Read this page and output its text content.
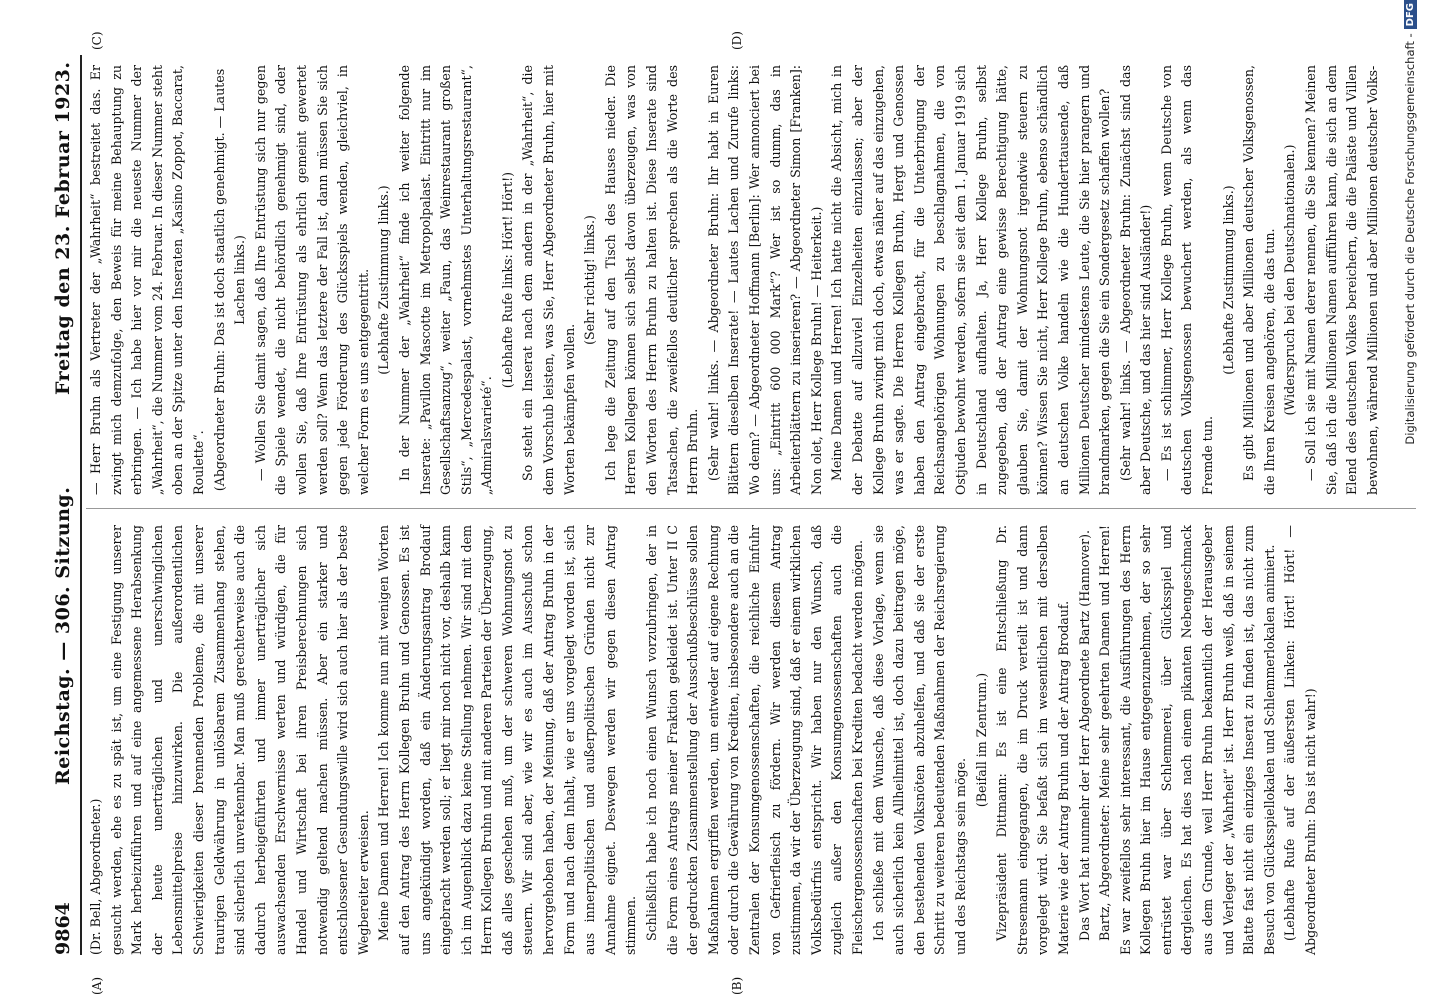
9864
Reichstag. — 306. Sitzung.
Freitag den 23. Februar 1923.

(Dr. Bell, Abgeordneter.) gesucht werden, ehe es zu spät ist, um eine Festigung unserer Mark herbeizuführen und auf eine angemessene Herabsenkung der heute unerträglichen und unerschwinglichen Lebensmittelpreise hinzuwirken. Die außerordentlichen Schwierigkeiten dieser brennenden Probleme, die mit unserer traurigen Geldwährung in unlösbarem Zusammenhang stehen, sind sicherlich unverkennbar. Man muß gerechterweise auch die dadurch herbeigeführten und immer unerträglicher sich auswachsenden Erschwernisse werten und würdigen, die für Handel und Wirtschaft bei ihren Preisberechnungen sich notwendig geltend machen müssen. Aber ein starker und entschlossener Gesundungswille wird sich auch hier als der beste Wegbereiter erweisen. Meine Damen und Herren! Ich komme nun mit wenigen Worten auf den Antrag des Herrn Kollegen Bruhn und Genossen. Es ist uns angekündigt worden, daß ein Änderungsantrag Brodauf eingebracht werden soll; er liegt mir noch nicht vor, deshalb kann ich im Augenblick dazu keine Stellung nehmen. Wir sind mit dem Herrn Kollegen Bruhn und mit anderen Parteien der Überzeugung, daß alles geschehen muß, um der schweren Wohnungsnot zu steuern. Wir sind aber, wie wir es auch im Ausschuß schon hervorgehoben haben, der Meinung, daß der Antrag Bruhn in der Form und nach dem Inhalt, wie er uns vorgelegt worden ist, sich aus innerpolitischen und außerpolitischen Gründen nicht zur Annahme eignet. Deswegen werden wir gegen diesen Antrag stimmen. Schließlich habe ich noch einen Wunsch vorzubringen, der in die Form eines Antrags meiner Fraktion gekleidet ist. Unter II C der gedruckten Zusammenstellung der Ausschußbeschlüsse sollen Maßnahmen ergriffen werden, um entweder auf eigene Rechnung oder durch die Gewährung von Krediten, insbesondere auch an die Zentralen der Konsumgenossenschaften, die reichliche Einfuhr von Gefrierfleisch zu fördern. Wir werden diesem Antrag zustimmen, da wir der Überzeugung sind, daß er einem wirklichen Volksbedürfnis entspricht. Wir haben nur den Wunsch, daß zugleich außer den Konsumgenossenschaften auch die Fleischergenossenschaften bei Krediten bedacht werden mögen. Ich schließe mit dem Wunsche, daß diese Vorlage, wenn sie auch sicherlich kein Allheilmittel ist, doch dazu beitragen möge, den bestehenden Volksnöten abzuhelfen, und daß sie der erste Schritt zu weiteren bedeutenden Maßnahmen der Reichsregierung und des Reichstags sein möge.

(Beifall im Zentrum.) Vizepräsident Dittmann: Es ist eine Entschließung Dr. Stresemann eingegangen, die im Druck verteilt ist und dann vorgelegt wird. Sie befaßt sich im wesentlichen mit derselben Materie wie der Antrag Bruhn und der Antrag Brodauf. Das Wort hat nunmehr der Herr Abgeordnete Bartz (Hannover). Bartz, Abgeordneter: Meine sehr geehrten Damen und Herren! Es war zweifellos sehr interessant, die Ausführungen des Herrn Kollegen Bruhn hier im Hause entgegenzunehmen, der so sehr entrüstet war über Schlemmerei, über Glücksspiel und dergleichen. Es hat dies nach einem pikanten Nebengeschmack aus dem Grunde, weil Herr Bruhn bekanntlich der Herausgeber und Verleger der „Wahrheit“ ist. Herr Bruhn weiß, daß in seinem Blatte fast nicht ein einziges Inserat zu finden ist, das nicht zum Besuch von Glücksspiellokalen und Schlemmerlokalen animiert. (Lebhafte Rufe auf der äußersten Linken: Hört! Hört! — Abgeordneter Bruhn: Das ist nicht wahr!)

— Herr Bruhn als Vertreter der „Wahrheit“ bestreitet das. Er zwingt mich demzufolge, den Beweis für meine Behauptung zu erbringen. — Ich habe hier vor mir die neueste Nummer der „Wahrheit“, die Nummer vom 24. Februar. In dieser Nummer steht oben an der Spitze unter den Inseraten „Kasino Zoppot, Baccarat, Roulette“. (Abgeordneter Bruhn: Das ist doch staatlich genehmigt. — Lautes Lachen links.) — Wollen Sie damit sagen, daß Ihre Entrüstung sich nur gegen die Spiele wendet, die nicht behördlich genehmigt sind, oder wollen Sie, daß Ihre Entrüstung als ehrlich gemeint gewertet werden soll? Wenn das letztere der Fall ist, dann müssen Sie sich gegen jede Förderung des Glücksspiels wenden, gleichviel, in welcher Form es uns entgegentritt. (Lebhafte Zustimmung links.) In der Nummer der „Wahrheit“ finde ich weiter folgende Inserate: „Pavillon Mascotte im Metropolpalast. Eintritt nur im Gesellschaftsanzug“, weiter „Faun, das Weinrestaurant großen Stils“, „Mercedespalast, vornehmstes Unterhaltungsrestaurant“, „Admiralsvarieté“.

(Lebhafte Rufe links: Hört! Hört!) So steht ein Inserat nach dem andern in der „Wahrheit“, die dem Vorschub leisten, was Sie, Herr Abgeordneter Bruhn, hier mit Worten bekämpfen wollen.

(Sehr richtig! links.) Ich lege die Zeitung auf den Tisch des Hauses nieder. Die Herren Kollegen können sich selbst davon überzeugen, was von den Worten des Herrn Bruhn zu halten ist. Diese Inserate sind Tatsachen, die zweifellos deutlicher sprechen als die Worte des Herrn Bruhn. (Sehr wahr! links. — Abgeordneter Bruhn: Ihr habt in Euren Blättern dieselben Inserate! — Lautes Lachen und Zurufe links: Wo denn? — Abgeordneter Hoffmann [Berlin]: Wer annonciert bei uns: „Eintritt 600 000 Mark“? Wer ist so dumm, das in Arbeiterblättern zu inserieren? — Abgeordneter Simon [Franken]: Non olet, Herr Kollege Bruhn! — Heiterkeit.) Meine Damen und Herren! Ich hatte nicht die Absicht, mich in der Debatte auf allzuviel Einzelheiten einzulassen; aber der Kollege Bruhn zwingt mich doch, etwas näher auf das einzugehen, was er sagte. Die Herren Kollegen Bruhn, Hergt und Genossen haben den Antrag eingebracht, für die Unterbringung der Reichsangehörigen Wohnungen zu beschlagnahmen, die von Ostjuden bewohnt werden, sofern sie seit dem 1. Januar 1919 sich in Deutschland aufhalten. Ja, Herr Kollege Bruhn, selbst zugegeben, daß der Antrag eine gewisse Berechtigung hätte, glauben Sie, damit der Wohnungsnot irgendwie steuern zu können? Wissen Sie nicht, Herr Kollege Bruhn, ebenso schändlich an deutschen Volke handeln wie die Hunderttausende, daß Millionen Deutscher mindestens Leute, die Sie hier prangern und brandmarken, gegen die Sie ein Sondergesetz schaffen wollen? (Sehr wahr! links. — Abgeordneter Bruhn: Zunächst sind das aber Deutsche, und das hier sind Ausländer!) — Es ist schlimmer, Herr Kollege Bruhn, wenn Deutsche von deutschen Volksgenossen bewuchert werden, als wenn das Fremde tun.

(Lebhafte Zustimmung links.) Es gibt Millionen und aber Millionen deutscher Volksgenossen, die Ihren Kreisen angehören, die das tun. (Widerspruch bei den Deutschnationalen.) — Soll ich sie mit Namen derer nennen, die Sie kennen? Meinen Sie, daß ich die Millionen Namen aufführen kann, die sich an dem Elend des deutschen Volkes bereichern, die die Paläste und Villen bewohnen, während Millionen und aber Millionen deutscher Volks-

(A)	(B)
(C)	(D)	Digitalisierung gefördert durch die Deutsche Forschungsgemeinschaft -
DFG
